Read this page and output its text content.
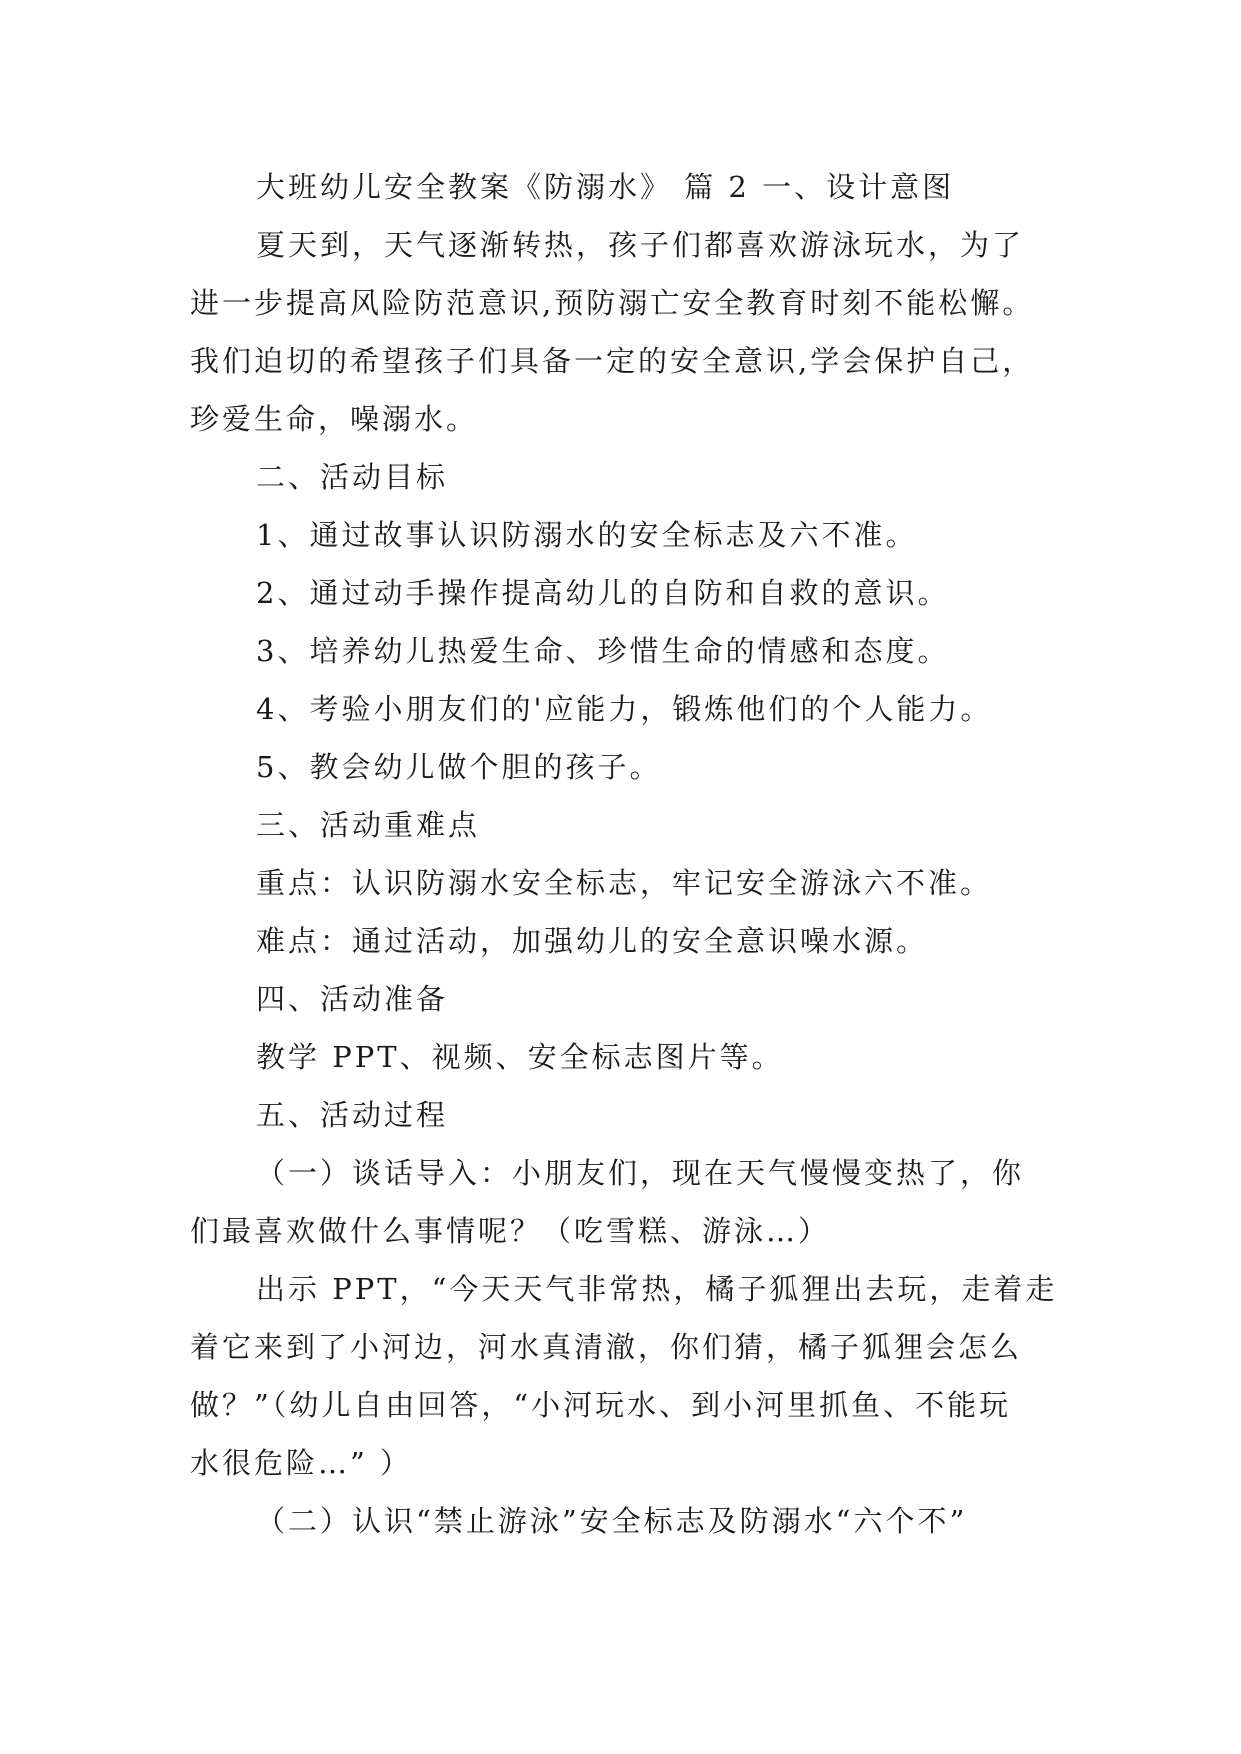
大班幼儿安全教案《防溺水》 篇 2 一、设计意图
夏天到，天气逐渐转热，孩子们都喜欢游泳玩水，为了
进一步提高风险防范意识,预防溺亡安全教育时刻不能松懈。
我们迫切的希望孩子们具备一定的安全意识,学会保护自己，
珍爱生命，噪溺水。
二、活动目标
1、通过故事认识防溺水的安全标志及六不准。
2、通过动手操作提高幼儿的自防和自救的意识。
3、培养幼儿热爱生命、珍惜生命的情感和态度。
4、考验小朋友们的'应能力，锻炼他们的个人能力。
5、教会幼儿做个胆的孩子。
三、活动重难点
重点：认识防溺水安全标志，牢记安全游泳六不准。
难点：通过活动，加强幼儿的安全意识噪水源。
四、活动准备
教学 PPT、视频、安全标志图片等。
五、活动过程
（一）谈话导入：小朋友们，现在天气慢慢变热了，你
们最喜欢做什么事情呢？（吃雪糕、游泳…）
出示 PPT，“今天天气非常热，橘子狐狸出去玩，走着走
着它来到了小河边，河水真清澈，你们猜，橘子狐狸会怎么
做？”（幼儿自由回答，“小河玩水、到小河里抓鱼、不能玩
水很危险…” ）
（二）认识“禁止游泳”安全标志及防溺水“六个不”
